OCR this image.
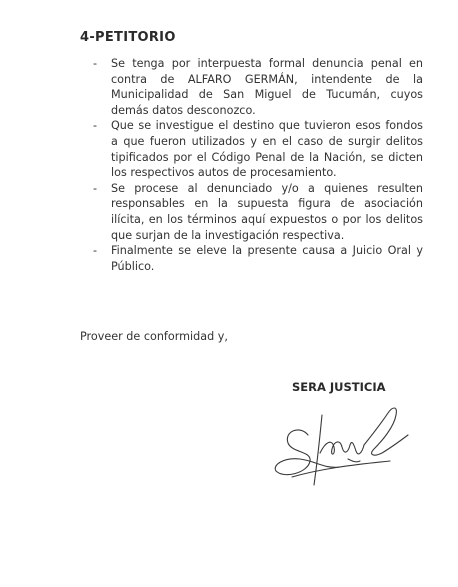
4-PETITORIO
- Se tenga por interpuesta formal denuncia penal en contra de ALFARO GERMÁN, intendente de la Municipalidad de San Miguel de Tucumán, cuyos demás datos desconozco.
- Que se investigue el destino que tuvieron esos fondos a que fueron utilizados y en el caso de surgir delitos tipificados por el Código Penal de la Nación, se dicten los respectivos autos de procesamiento.
- Se procese al denunciado y/o a quienes resulten responsables en la supuesta figura de asociación ilícita, en los términos aquí expuestos o por los delitos que surjan de la investigación respectiva.
- Finalmente se eleve la presente causa a Juicio Oral y Público.
Proveer de conformidad y,
SERA JUSTICIA
